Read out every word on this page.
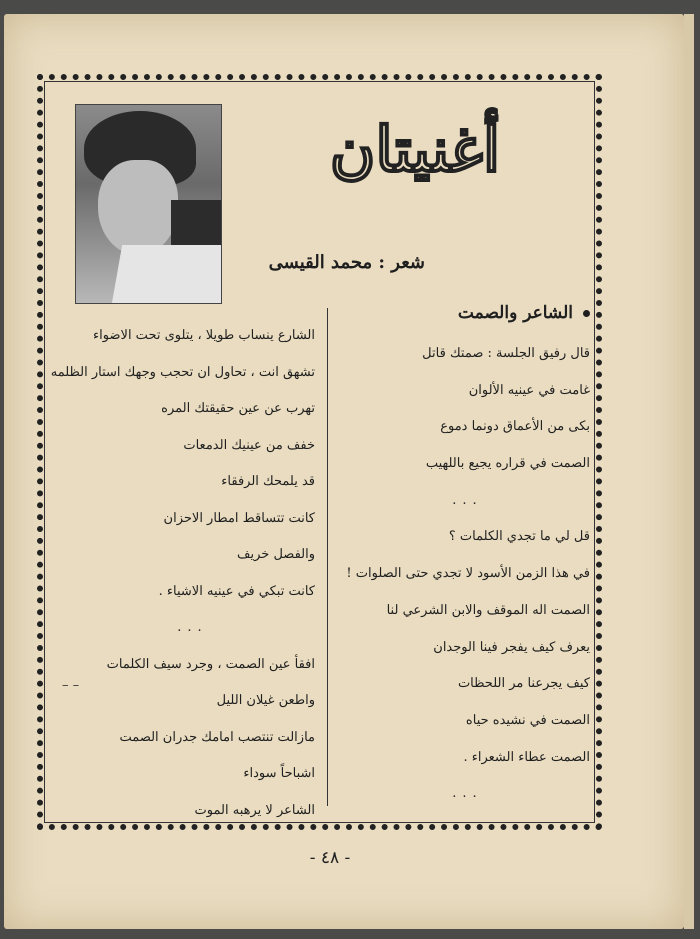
أغنيتان
شعر : محمد القيسى
الشاعر والصمت
قال رفيق الجلسة : صمتك قاتل
غامت في عينيه الألوان
بكى من الأعماق دونما دموع
الصمت في قراره يجيع باللهيب
...
قل لي ما تجدي الكلمات ؟
في هذا الزمن الأسود لا تجدي حتى الصلوات !
الصمت اله الموقف والابن الشرعي لنا
يعرف كيف يفجر فينا الوجدان
كيف يجرعنا مر اللحظات
الصمت في نشيده حياه
الصمت عطاء الشعراء .
...
الشارع ينساب طويلا ، يتلوى تحت الاضواء
تشهق انت ، تحاول ان تحجب وجهك استار الظلمه
تهرب عن عين حقيقتك المره
خفف من عينيك الدمعات
قد يلمحك الرفقاء
كانت تتساقط امطار الاحزان
والفصل خريف
كانت تبكي في عينيه الاشياء .
...
افقأ عين الصمت ، وجرد سيف الكلمات
واطعن غيلان الليل
مازالت تنتصب امامك جدران الصمت
اشباحاً سوداء
الشاعر لا يرهبه الموت
– –
- ٤٨ -
